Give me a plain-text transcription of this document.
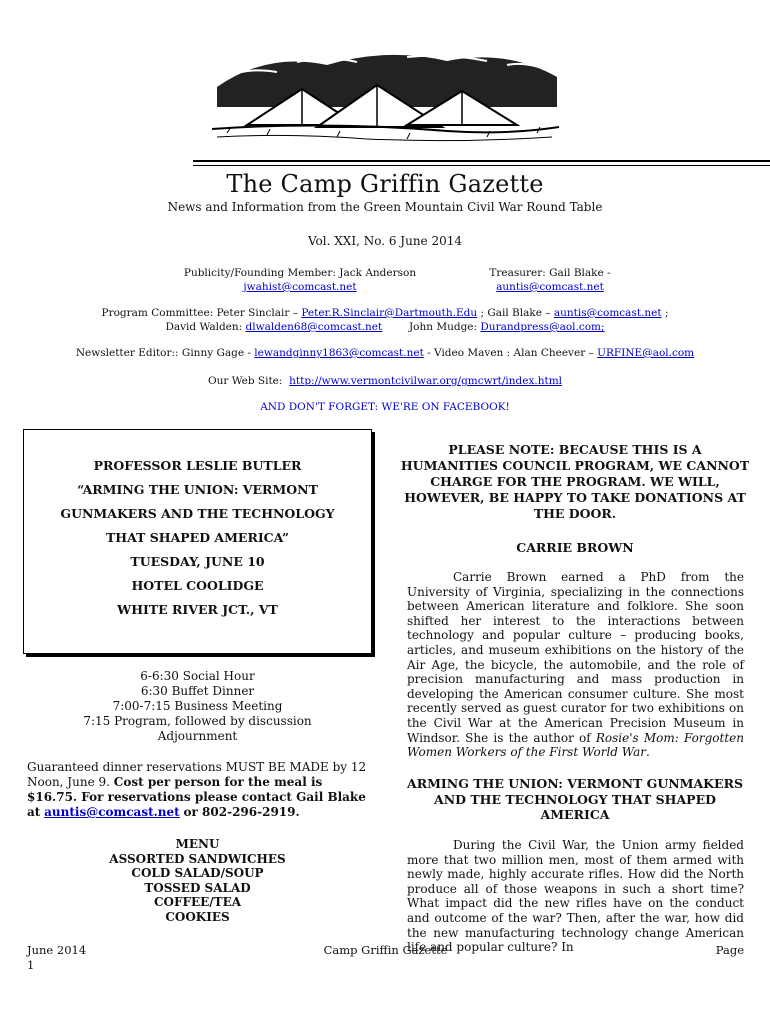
The Camp Griffin Gazette
News and Information from the Green Mountain Civil War Round Table
Vol. XXI, No. 6 June 2014
Publicity/Founding Member: Jack Anderson
jwahist@comcast.net
Treasurer: Gail Blake -
auntis@comcast.net
Program Committee: Peter Sinclair – Peter.R.Sinclair@Dartmouth.Edu ; Gail Blake – auntis@comcast.net ;
David Walden: dlwalden68@comcast.net	John Mudge: Durandpress@aol.com;
Newsletter Editor:: Ginny Gage - lewandginny1863@comcast.net - Video Maven : Alan Cheever – URFINE@aol.com
Our Web Site: http://www.vermontcivilwar.org/gmcwrt/index.html
AND DON'T FORGET: WE'RE ON FACEBOOK!
PROFESSOR LESLIE BUTLER
“ARMING THE UNION: VERMONT
GUNMAKERS AND THE TECHNOLOGY
THAT SHAPED AMERICA”
TUESDAY, JUNE 10
HOTEL COOLIDGE
WHITE RIVER JCT., VT
6-6:30 Social Hour
6:30 Buffet Dinner
7:00-7:15 Business Meeting
7:15 Program, followed by discussion
Adjournment
Guaranteed dinner reservations MUST BE MADE by 12 Noon, June 9. Cost per person for the meal is $16.75. For reservations please contact Gail Blake at auntis@comcast.net or 802-296-2919.
MENU
ASSORTED SANDWICHES
COLD SALAD/SOUP
TOSSED SALAD
COFFEE/TEA
COOKIES
PLEASE NOTE: BECAUSE THIS IS A HUMANITIES COUNCIL PROGRAM, WE CANNOT CHARGE FOR THE PROGRAM. WE WILL, HOWEVER, BE HAPPY TO TAKE DONATIONS AT THE DOOR.
CARRIE BROWN
Carrie Brown earned a PhD from the University of Virginia, specializing in the connections between American literature and folklore. She soon shifted her interest to the interactions between technology and popular culture – producing books, articles, and museum exhibitions on the history of the Air Age, the bicycle, the automobile, and the role of precision manufacturing and mass production in developing the American consumer culture. She most recently served as guest curator for two exhibitions on the Civil War at the American Precision Museum in Windsor. She is the author of Rosie's Mom: Forgotten Women Workers of the First World War.
ARMING THE UNION: VERMONT GUNMAKERS AND THE TECHNOLOGY THAT SHAPED AMERICA
During the Civil War, the Union army fielded more that two million men, most of them armed with newly made, highly accurate rifles. How did the North produce all of those weapons in such a short time? What impact did the new rifles have on the conduct and outcome of the war? Then, after the war, how did the new manufacturing technology change American life and popular culture? In
June 2014	Camp Griffin Gazette	Page
1
